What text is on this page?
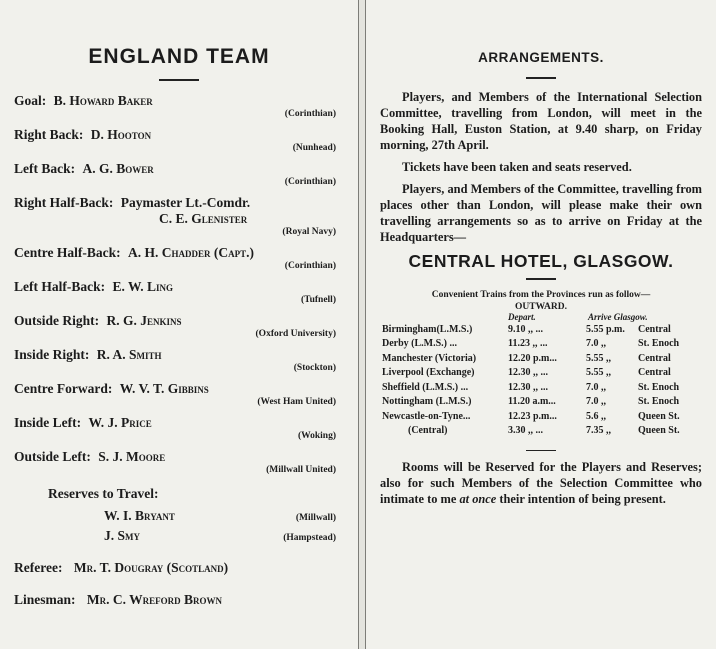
ENGLAND TEAM
Goal: B. Howard Baker
(Corinthian)
Right Back: D. Hooton
(Nunhead)
Left Back: A. G. Bower
(Corinthian)
Right Half-Back: Paymaster Lt.-Comdr.
C. E. Glenister
(Royal Navy)
Centre Half-Back: A. H. Chadder (Capt.)
(Corinthian)
Left Half-Back: E. W. Ling
(Tufnell)
Outside Right: R. G. Jenkins
(Oxford University)
Inside Right: R. A. Smith
(Stockton)
Centre Forward: W. V. T. Gibbins
(West Ham United)
Inside Left: W. J. Price
(Woking)
Outside Left: S. J. Moore
(Millwall United)
Reserves to Travel:
W. I. Bryant	(Millwall)
J. Smy	(Hampstead)
Referee: Mr. T. Dougray (Scotland)
Linesman: Mr. C. Wreford Brown
ARRANGEMENTS.

Players, and Members of the International Selection Committee, travelling from London, will meet in the Booking Hall, Euston Station, at 9.40 sharp, on Friday morning, 27th April.

Tickets have been taken and seats reserved.

Players, and Members of the Committee, travelling from places other than London, will please make their own travelling arrangements so as to arrive on Friday at the Headquarters—

CENTRAL HOTEL, GLASGOW.
Convenient Trains from the Provinces run as follow—
OUTWARD.
Depart.	Arrive Glasgow.
Birmingham(L.M.S.)	9.10 ,, ...	5.55 p.m. Central
Derby (L.M.S.) ...	11.23 ,, ...	7.0 ,,	St. Enoch
Manchester (Victoria)	12.20 p.m...	5.55 ,,	Central
Liverpool (Exchange)	12.30 ,, ...	5.55 ,,	Central
Sheffield (L.M.S.) ...	12.30 ,, ...	7.0 ,,	St. Enoch
Nottingham (L.M.S.)	11.20 a.m...	7.0 ,,	St. Enoch
Newcastle-on-Tyne...	12.23 p.m...	5.6 ,,	Queen St.
(Central)	3.30 ,, ...	7.35 ,,	Queen St.

Rooms will be Reserved for the Players and Reserves; also for such Members of the Selection Committee who intimate to me at once their intention of being present.
